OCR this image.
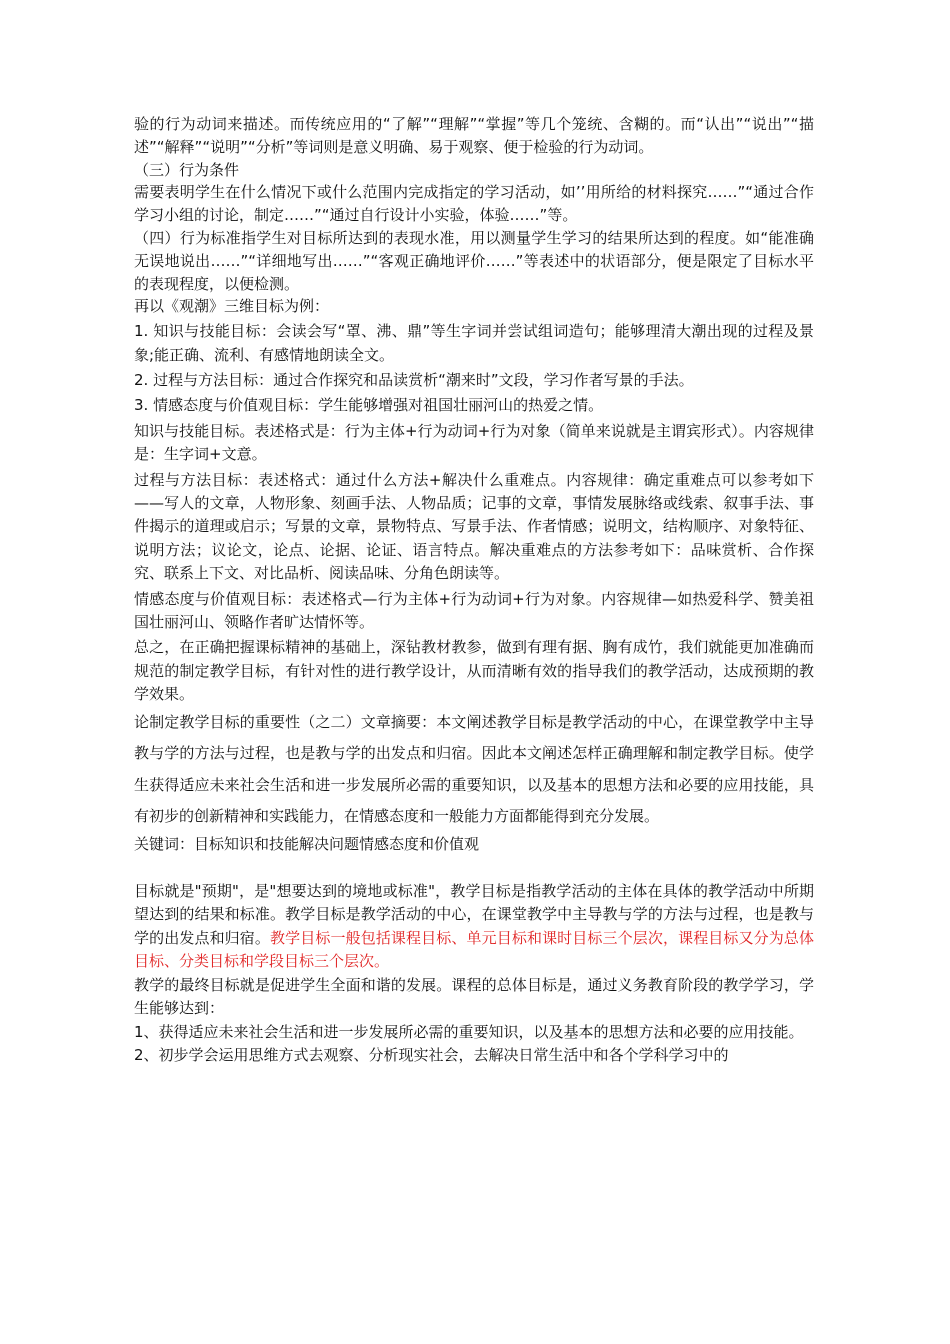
验的行为动词来描述。而传统应用的“了解”“理解”“掌握”等几个笼统、含糊的。而“认出”“说出”“描述”“解释”“说明”“分析”等词则是意义明确、易于观察、便于检验的行为动词。

（三）行为条件

需要表明学生在什么情况下或什么范围内完成指定的学习活动，如’’用所给的材料探究……”“通过合作学习小组的讨论，制定……”“通过自行设计小实验，体验……”等。

（四）行为标准指学生对目标所达到的表现水准，用以测量学生学习的结果所达到的程度。如“能准确无误地说出……”“详细地写出……”“客观正确地评价……”等表述中的状语部分，便是限定了目标水平的表现程度，以便检测。

再以《观潮》三维目标为例：

1. 知识与技能目标：会读会写“罩、沸、鼎”等生字词并尝试组词造句；能够理清大潮出现的过程及景象;能正确、流利、有感情地朗读全文。

2. 过程与方法目标：通过合作探究和品读赏析“潮来时”文段，学习作者写景的手法。

3. 情感态度与价值观目标：学生能够增强对祖国壮丽河山的热爱之情。

知识与技能目标。表述格式是：行为主体+行为动词+行为对象（简单来说就是主谓宾形式）。内容规律是：生字词+文意。

过程与方法目标：表述格式：通过什么方法+解决什么重难点。内容规律：确定重难点可以参考如下——写人的文章，人物形象、刻画手法、人物品质；记事的文章，事情发展脉络或线索、叙事手法、事件揭示的道理或启示；写景的文章，景物特点、写景手法、作者情感；说明文，结构顺序、对象特征、说明方法；议论文，论点、论据、论证、语言特点。解决重难点的方法参考如下：品味赏析、合作探究、联系上下文、对比品析、阅读品味、分角色朗读等。

情感态度与价值观目标：表述格式—行为主体+行为动词+行为对象。内容规律—如热爱科学、赞美祖国壮丽河山、领略作者旷达情怀等。

总之，在正确把握课标精神的基础上，深钻教材教参，做到有理有据、胸有成竹，我们就能更加准确而规范的制定教学目标，有针对性的进行教学设计，从而清晰有效的指导我们的教学活动，达成预期的教学效果。

论制定教学目标的重要性（之二）文章摘要：本文阐述教学目标是教学活动的中心，在课堂教学中主导教与学的方法与过程，也是教与学的出发点和归宿。因此本文阐述怎样正确理解和制定教学目标。使学生获得适应未来社会生活和进一步发展所必需的重要知识，以及基本的思想方法和必要的应用技能，具有初步的创新精神和实践能力，在情感态度和一般能力方面都能得到充分发展。

关键词：目标知识和技能解决问题情感态度和价值观

目标就是"预期"，是"想要达到的境地或标准"，教学目标是指教学活动的主体在具体的教学活动中所期望达到的结果和标准。教学目标是教学活动的中心，在课堂教学中主导教与学的方法与过程，也是教与学的出发点和归宿。教学目标一般包括课程目标、单元目标和课时目标三个层次，课程目标又分为总体目标、分类目标和学段目标三个层次。

教学的最终目标就是促进学生全面和谐的发展。课程的总体目标是，通过义务教育阶段的教学学习，学生能够达到：

1、获得适应未来社会生活和进一步发展所必需的重要知识，以及基本的思想方法和必要的应用技能。

2、初步学会运用思维方式去观察、分析现实社会，去解决日常生活中和各个学科学习中的
